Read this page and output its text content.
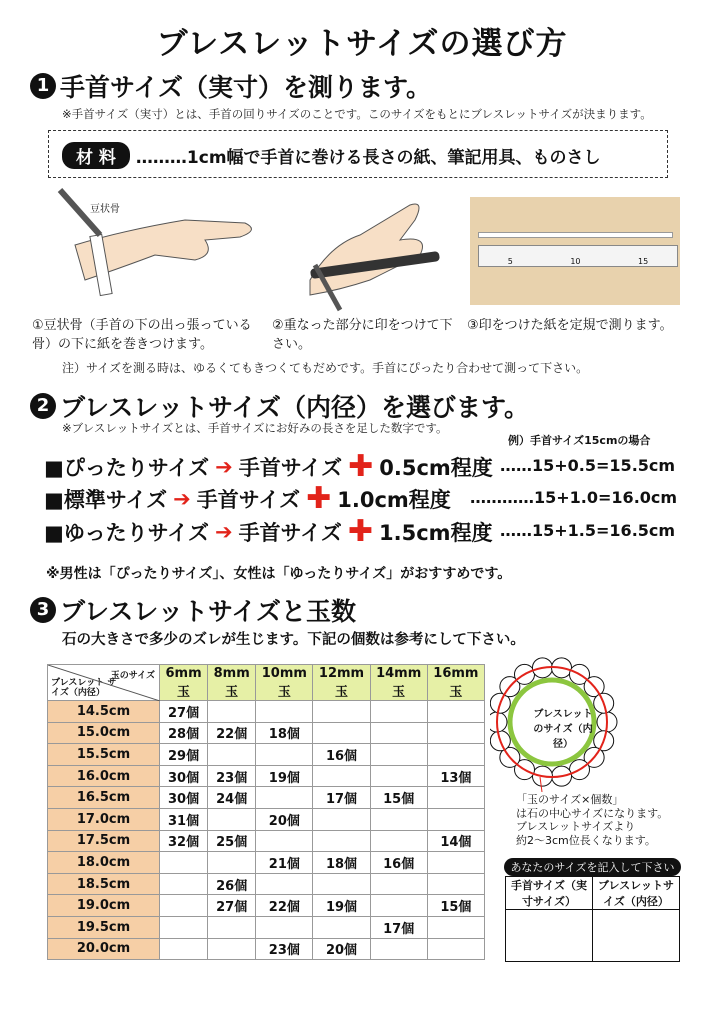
ブレスレットサイズの選び方
1 手首サイズ（実寸）を測ります。
※手首サイズ（実寸）とは、手首の回りサイズのことです。このサイズをもとにブレスレットサイズが決まります。
材 料	………1cm幅で手首に巻ける長さの紙、筆記用具、ものさし
豆状骨
5	10	15
①豆状骨（手首の下の出っ張っている骨）の下に紙を巻きつけます。
②重なった部分に印をつけて下さい。
③印をつけた紙を定規で測ります。
注）サイズを測る時は、ゆるくてもきつくてもだめです。手首にぴったり合わせて測って下さい。
2 ブレスレットサイズ（内径）を選びます。
※ブレスレットサイズとは、手首サイズにお好みの長さを足した数字です。
例）手首サイズ15cmの場合
■ぴったりサイズ ➔ 手首サイズ ✚ 0.5cm程度 ……15+0.5=15.5cm
■標準サイズ ➔ 手首サイズ ✚ 1.0cm程度 …………15+1.0=16.0cm
■ゆったりサイズ ➔ 手首サイズ ✚ 1.5cm程度 ……15+1.5=16.5cm
※男性は「ぴったりサイズ」、女性は「ゆったりサイズ」がおすすめです。
3 ブレスレットサイズと玉数
石の大きさで多少のズレが生じます。下記の個数は参考にして下さい。
玉のサイズ
ブレスレット サイズ（内径）	6mm玉	8mm玉	10mm玉	12mm玉	14mm玉	16mm玉
14.5cm	27個					
15.0cm	28個	22個	18個			
15.5cm	29個			16個		
16.0cm	30個	23個	19個			13個
16.5cm	30個	24個		17個	15個	
17.0cm	31個		20個			
17.5cm	32個	25個				14個
18.0cm			21個	18個	16個	
18.5cm		26個				
19.0cm		27個	22個	19個		15個
19.5cm					17個	
20.0cm			23個	20個		
ブレスレットのサイズ（内径）
「玉のサイズ×個数」
は石の中心サイズになります。
ブレスレットサイズより
約2〜3cm位長くなります。
あなたのサイズを記入して下さい
手首サイズ（実寸サイズ）	ブレスレットサイズ（内径）
